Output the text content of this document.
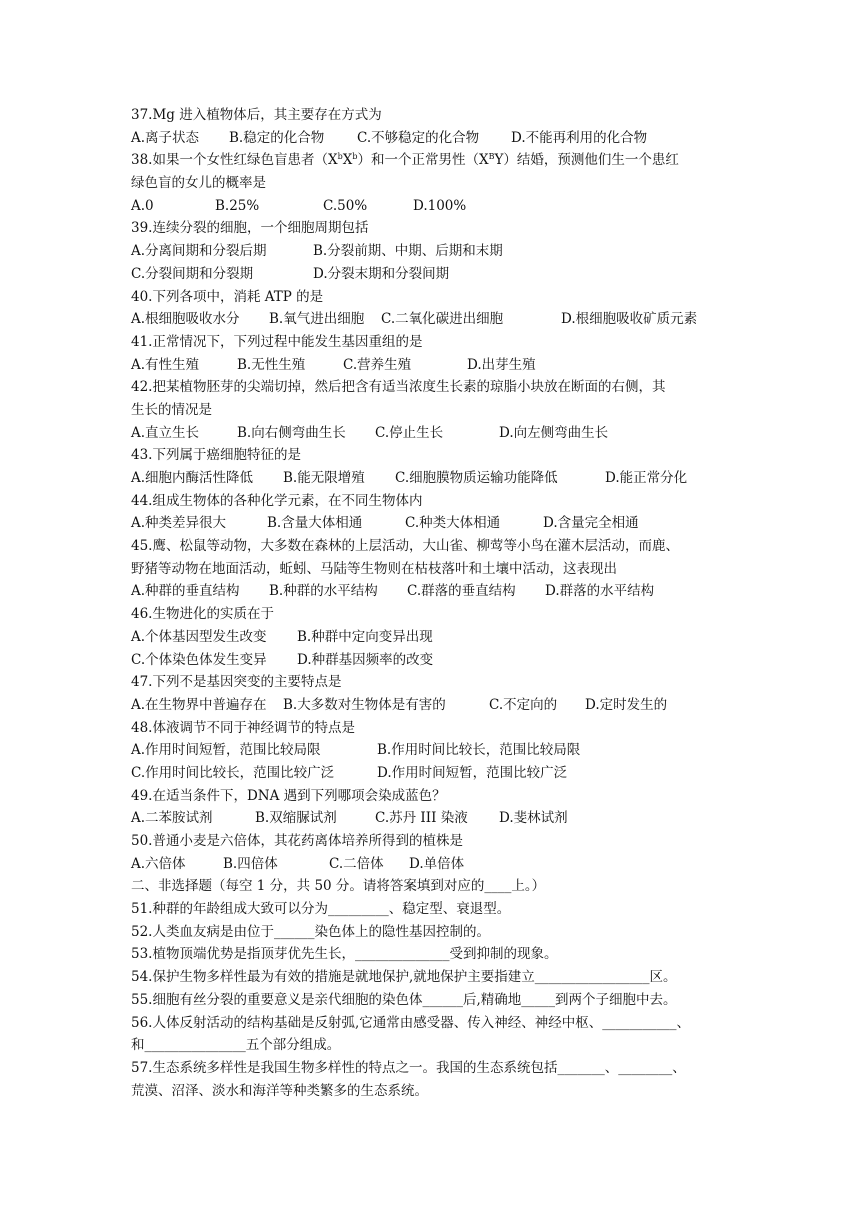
37.Mg 进入植物体后，其主要存在方式为
A.离子状态	B.稳定的化合物	C.不够稳定的化合物	D.不能再利用的化合物
38.如果一个女性红绿色盲患者$(X^bX^b)$和一个正常男性$(X^BY)$结婚，预测他们生一个患红
绿色盲的女儿的概率是
A.0	B.25%	C.50%	D.100%
39.连续分裂的细胞，一个细胞周期包括
A.分离间期和分裂后期	B.分裂前期、中期、后期和末期
C.分裂间期和分裂期	D.分裂末期和分裂间期
40.下列各项中，消耗 ATP 的是
A.根细胞吸收水分	B.氧气进出细胞	C.二氧化碳进出细胞	D.根细胞吸收矿质元素
41.正常情况下，下列过程中能发生基因重组的是
A.有性生殖	B.无性生殖	C.营养生殖	D.出芽生殖
42.把某植物胚芽的尖端切掉，然后把含有适当浓度生长素的琼脂小块放在断面的右侧，其
生长的情况是
A.直立生长	B.向右侧弯曲生长	C.停止生长	D.向左侧弯曲生长
43.下列属于癌细胞特征的是
A.细胞内酶活性降低	B.能无限增殖	C.细胞膜物质运输功能降低	D.能正常分化
44.组成生物体的各种化学元素，在不同生物体内
A.种类差异很大	B.含量大体相通	C.种类大体相通	D.含量完全相通
45.鹰、松鼠等动物，大多数在森林的上层活动，大山雀、柳莺等小鸟在灌木层活动，而鹿、
野猪等动物在地面活动，蚯蚓、马陆等生物则在枯枝落叶和土壤中活动，这表现出
A.种群的垂直结构	B.种群的水平结构	C.群落的垂直结构	D.群落的水平结构
46.生物进化的实质在于
A.个体基因型发生改变	B.种群中定向变异出现
C.个体染色体发生变异	D.种群基因频率的改变
47.下列不是基因突变的主要特点是
A.在生物界中普遍存在	B.大多数对生物体是有害的	C.不定向的	D.定时发生的
48.体液调节不同于神经调节的特点是
A.作用时间短暂，范围比较局限	B.作用时间比较长，范围比较局限
C.作用时间比较长，范围比较广泛	D.作用时间短暂，范围比较广泛
49.在适当条件下，DNA 遇到下列哪项会染成蓝色？
A.二苯胺试剂	B.双缩脲试剂	C.苏丹 III 染液	D.斐林试剂
50.普通小麦是六倍体，其花药离体培养所得到的植株是
A.六倍体	B.四倍体	C.二倍体	D.单倍体
二、非选择题（每空 1 分，共 50 分。请将答案填到对应的____上。）
51.种群的年龄组成大致可以分为_________、稳定型、衰退型。
52.人类血友病是由位于______染色体上的隐性基因控制的。
53.植物顶端优势是指顶芽优先生长，______________受到抑制的现象。
54.保护生物多样性最为有效的措施是就地保护,就地保护主要指建立_________________区。
55.细胞有丝分裂的重要意义是亲代细胞的染色体______后,精确地_____到两个子细胞中去。
56.人体反射活动的结构基础是反射弧,它通常由感受器、传入神经、神经中枢、___________、
和_______________五个部分组成。
57.生态系统多样性是我国生物多样性的特点之一。我国的生态系统包括_______、________、
荒漠、沼泽、淡水和海洋等种类繁多的生态系统。
